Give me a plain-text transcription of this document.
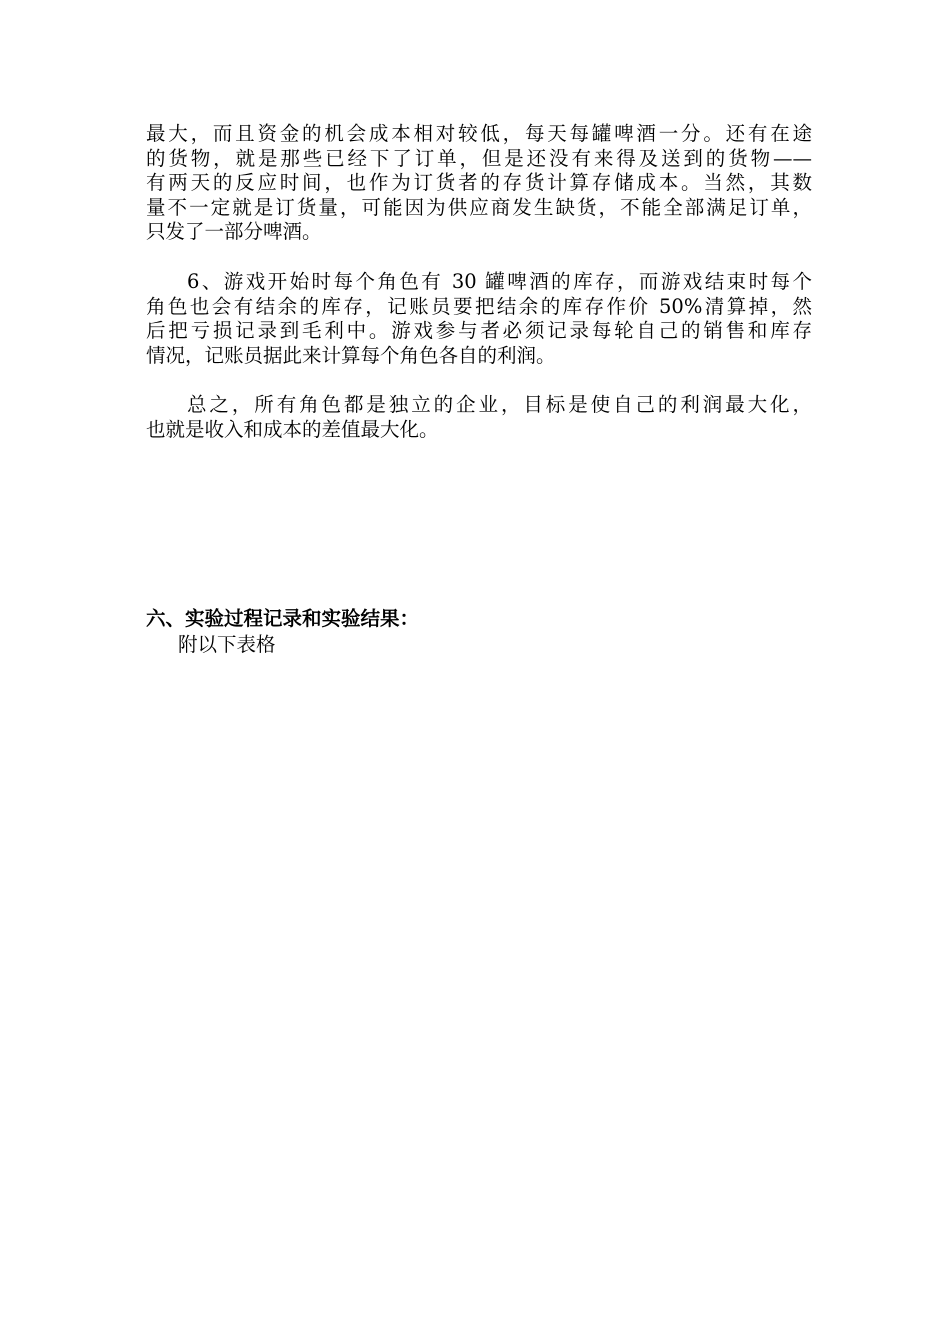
最大，而且资金的机会成本相对较低，每天每罐啤酒一分。还有在途
的货物，就是那些已经下了订单，但是还没有来得及送到的货物——
有两天的反应时间，也作为订货者的存货计算存储成本。当然，其数
量不一定就是订货量，可能因为供应商发生缺货，不能全部满足订单，
只发了一部分啤酒。
6、游戏开始时每个角色有 30 罐啤酒的库存，而游戏结束时每个
角色也会有结余的库存，记账员要把结余的库存作价 50%清算掉，然
后把亏损记录到毛利中。游戏参与者必须记录每轮自己的销售和库存
情况，记账员据此来计算每个角色各自的利润。
总之，所有角色都是独立的企业，目标是使自己的利润最大化，
也就是收入和成本的差值最大化。

六、实验过程记录和实验结果：

附以下表格
